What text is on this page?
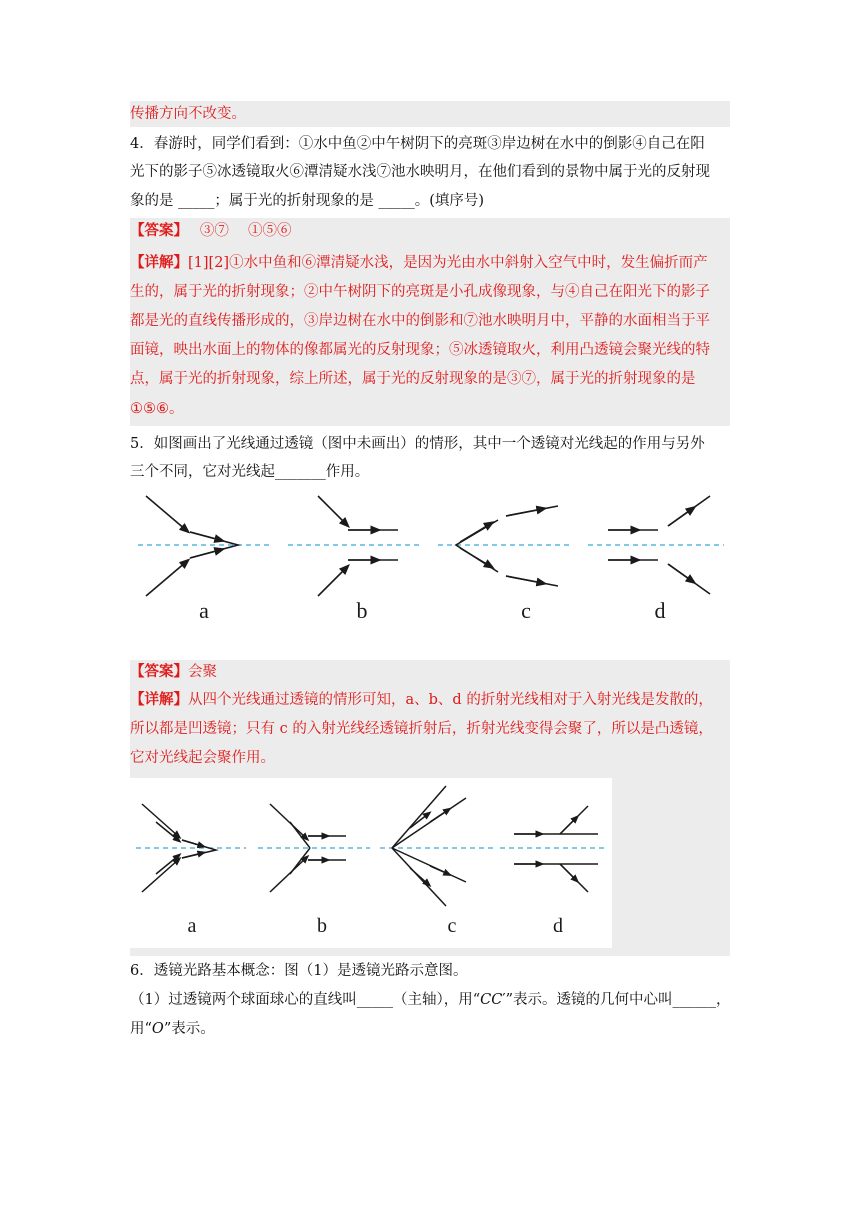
传播方向不改变。
4．春游时，同学们看到：①水中鱼②中午树阴下的亮斑③岸边树在水中的倒影④自己在阳
光下的影子⑤冰透镜取火⑥潭清疑水浅⑦池水映明月，在他们看到的景物中属于光的反射现
象的是 _____；属于光的折射现象的是 _____。(填序号)
【答案】　 ③⑦　 ①⑤⑥
【详解】[1][2]①水中鱼和⑥潭清疑水浅，是因为光由水中斜射入空气中时，发生偏折而产
生的，属于光的折射现象；②中午树阴下的亮斑是小孔成像现象，与④自己在阳光下的影子
都是光的直线传播形成的，③岸边树在水中的倒影和⑦池水映明月中，平静的水面相当于平
面镜，映出水面上的物体的像都属光的反射现象；⑤冰透镜取火，利用凸透镜会聚光线的特
点，属于光的折射现象，综上所述，属于光的反射现象的是③⑦，属于光的折射现象的是
①⑤⑥。
5．如图画出了光线通过透镜（图中未画出）的情形，其中一个透镜对光线起的作用与另外
三个不同，它对光线起_______作用。
a	b	c	d
【答案】会聚
【详解】从四个光线通过透镜的情形可知，a、b、d 的折射光线相对于入射光线是发散的，
所以都是凹透镜；只有 c 的入射光线经透镜折射后，折射光线变得会聚了，所以是凸透镜，
它对光线起会聚作用。
a	b	c	d
6．透镜光路基本概念：图（1）是透镜光路示意图。
（1）过透镜两个球面球心的直线叫_____（主轴），用“CC′”表示。透镜的几何中心叫______，
用“O”表示。
